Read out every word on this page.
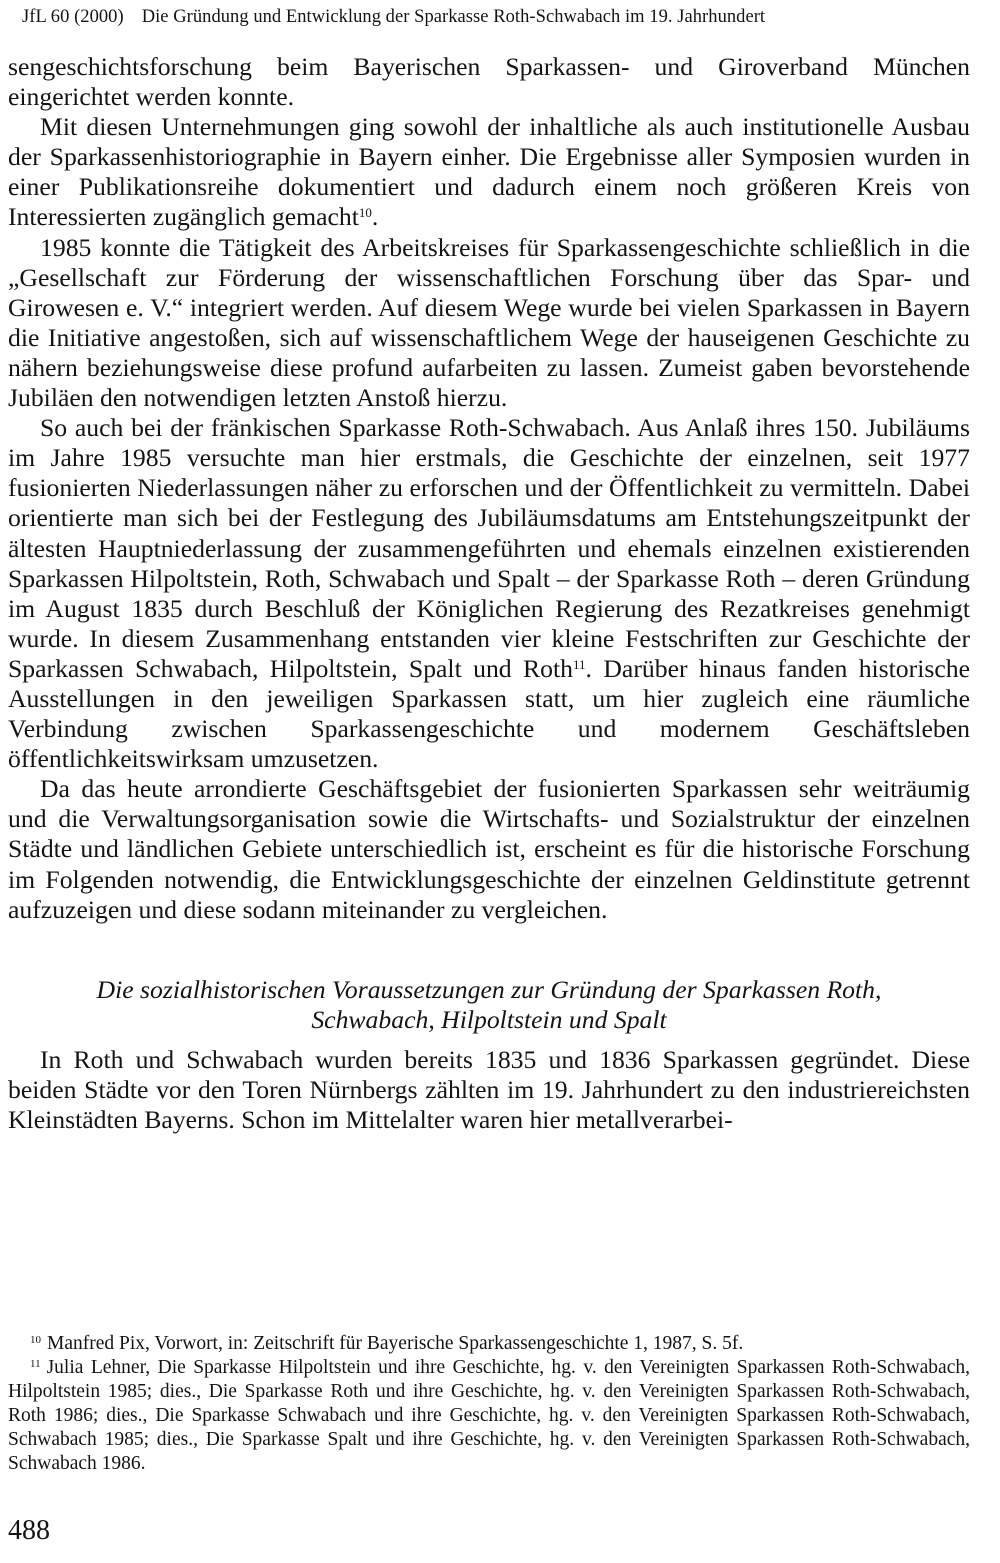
JfL 60 (2000) Die Gründung und Entwicklung der Sparkasse Roth-Schwabach im 19. Jahrhundert

sengeschichtsforschung beim Bayerischen Sparkassen- und Giroverband München eingerichtet werden konnte.

Mit diesen Unternehmungen ging sowohl der inhaltliche als auch institutionelle Ausbau der Sparkassenhistoriographie in Bayern einher. Die Ergebnisse aller Symposien wurden in einer Publikationsreihe dokumentiert und dadurch einem noch größeren Kreis von Interessierten zugänglich gemacht$^{10}$.

1985 konnte die Tätigkeit des Arbeitskreises für Sparkassengeschichte schließlich in die „Gesellschaft zur Förderung der wissenschaftlichen Forschung über das Spar- und Girowesen e. V.“ integriert werden. Auf diesem Wege wurde bei vielen Sparkassen in Bayern die Initiative angestoßen, sich auf wissenschaftlichem Wege der hauseigenen Geschichte zu nähern beziehungsweise diese profund aufarbeiten zu lassen. Zumeist gaben bevorstehende Jubiläen den notwendigen letzten Anstoß hierzu.

So auch bei der fränkischen Sparkasse Roth-Schwabach. Aus Anlaß ihres 150. Jubiläums im Jahre 1985 versuchte man hier erstmals, die Geschichte der einzelnen, seit 1977 fusionierten Niederlassungen näher zu erforschen und der Öffentlichkeit zu vermitteln. Dabei orientierte man sich bei der Festlegung des Jubiläumsdatums am Entstehungszeitpunkt der ältesten Hauptniederlassung der zusammengeführten und ehemals einzelnen existierenden Sparkassen Hilpoltstein, Roth, Schwabach und Spalt – der Sparkasse Roth – deren Gründung im August 1835 durch Beschluß der Königlichen Regierung des Rezatkreises genehmigt wurde. In diesem Zusammenhang entstanden vier kleine Festschriften zur Geschichte der Sparkassen Schwabach, Hilpoltstein, Spalt und Roth$^{11}$. Darüber hinaus fanden historische Ausstellungen in den jeweiligen Sparkassen statt, um hier zugleich eine räumliche Verbindung zwischen Sparkassengeschichte und modernem Geschäftsleben öffentlichkeitswirksam umzusetzen.

Da das heute arrondierte Geschäftsgebiet der fusionierten Sparkassen sehr weiträumig und die Verwaltungsorganisation sowie die Wirtschafts- und Sozialstruktur der einzelnen Städte und ländlichen Gebiete unterschiedlich ist, erscheint es für die historische Forschung im Folgenden notwendig, die Entwicklungsgeschichte der einzelnen Geldinstitute getrennt aufzuzeigen und diese sodann miteinander zu vergleichen.

Die sozialhistorischen Voraussetzungen zur Gründung der Sparkassen Roth,
Schwabach, Hilpoltstein und Spalt

In Roth und Schwabach wurden bereits 1835 und 1836 Sparkassen gegründet. Diese beiden Städte vor den Toren Nürnbergs zählten im 19. Jahrhundert zu den industriereichsten Kleinstädten Bayerns. Schon im Mittelalter waren hier metallverarbei-

$^{10}$ Manfred Pix, Vorwort, in: Zeitschrift für Bayerische Sparkassengeschichte 1, 1987, S. 5f.

$^{11}$ Julia Lehner, Die Sparkasse Hilpoltstein und ihre Geschichte, hg. v. den Vereinigten Sparkassen Roth-Schwabach, Hilpoltstein 1985; dies., Die Sparkasse Roth und ihre Geschichte, hg. v. den Vereinigten Sparkassen Roth-Schwabach, Roth 1986; dies., Die Sparkasse Schwabach und ihre Geschichte, hg. v. den Vereinigten Sparkassen Roth-Schwabach, Schwabach 1985; dies., Die Sparkasse Spalt und ihre Geschichte, hg. v. den Vereinigten Sparkassen Roth-Schwabach, Schwabach 1986.

488
